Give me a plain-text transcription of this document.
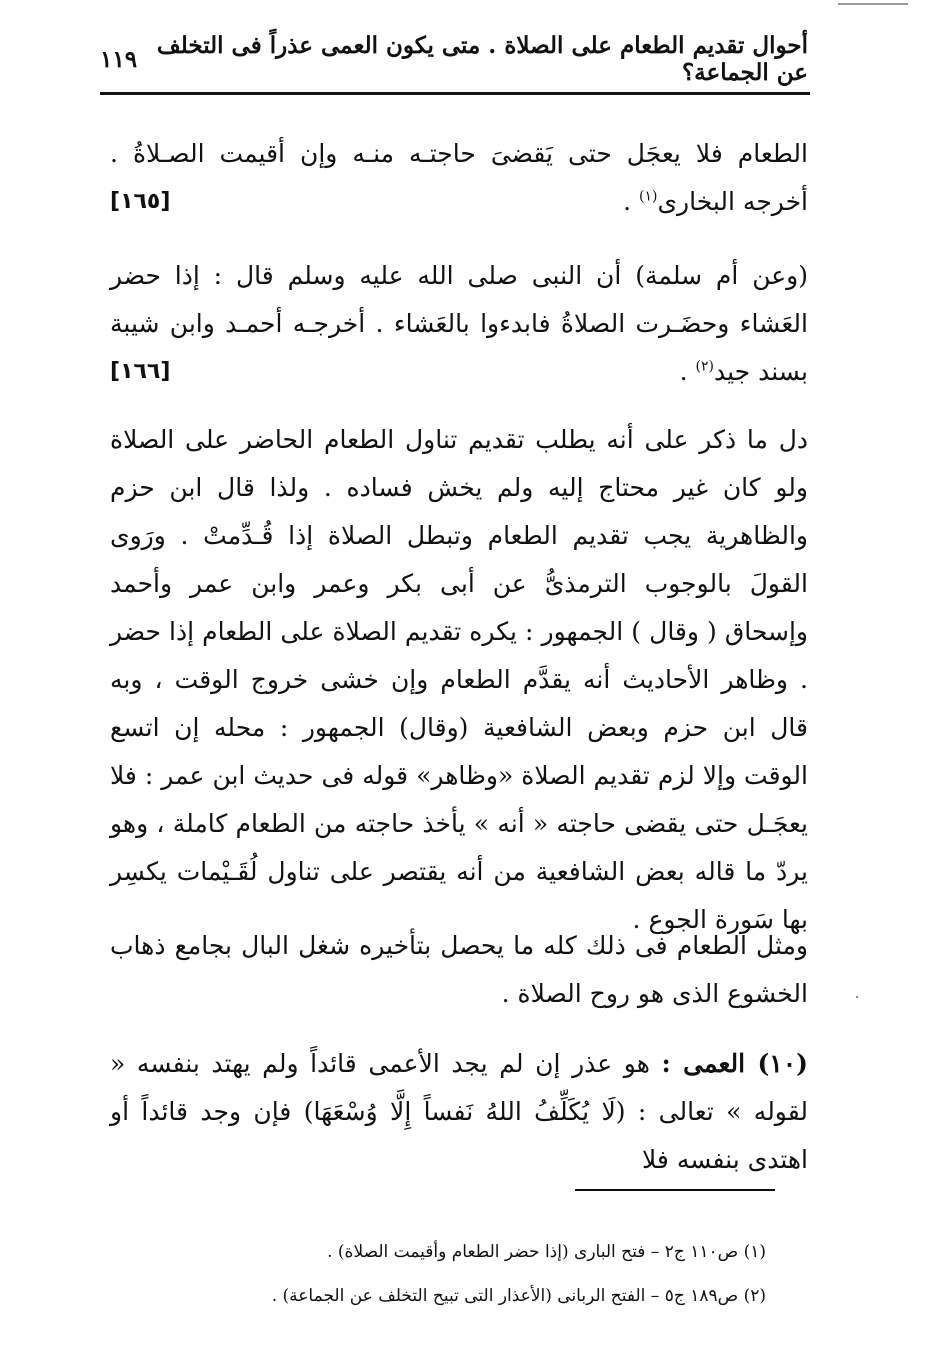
أحوال تقديم الطعام على الصلاة . متى يكون العمى عذراً فى التخلف عن الجماعة؟
١١٩

الطعام فلا يعجَل حتى يَقضىَ حاجتـه منـه وإن أقيمت الصـلاةُ . أخرجه البخارى$^{(١)}$ .
[١٦٥]

(وعن أم سلمة) أن النبى صلى الله عليه وسلم قال : إذا حضر العَشاء وحضَـرت الصلاةُ فابدءوا بالعَشاء . أخرجـه أحمـد وابن شيبة بسند جيد$^{(٢)}$ .
[١٦٦]

دل ما ذكر على أنه يطلب تقديم تناول الطعام الحاضر على الصلاة ولو كان غير محتاج إليه ولم يخش فساده . ولذا قال ابن حزم والظاهرية يجب تقديم الطعام وتبطل الصلاة إذا قُـدِّمتْ . ورَوى القولَ بالوجوب الترمذىُّ عن أبى بكر وعمر وابن عمر وأحمد وإسحاق ( وقال ) الجمهور : يكره تقديم الصلاة على الطعام إذا حضر . وظاهر الأحاديث أنه يقدَّم الطعام وإن خشى خروج الوقت ، وبه قال ابن حزم وبعض الشافعية (وقال) الجمهور : محله إن اتسع الوقت وإلا لزم تقديم الصلاة «وظاهر» قوله فى حديث ابن عمر : فلا يعجَـل حتى يقضى حاجته « أنه » يأخذ حاجته من الطعام كاملة ، وهو يردّ ما قاله بعض الشافعية من أنه يقتصر على تناول لُقَـيْمات يكسِر بها سَورة الجوع .

ومثل الطعام فى ذلك كله ما يحصل بتأخيره شغل البال بجامع ذهاب الخشوع الذى هو روح الصلاة .

(١٠) العمى : هو عذر إن لم يجد الأعمى قائداً ولم يهتد بنفسه « لقوله » تعالى : (لَا يُكَلِّفُ اللهُ نَفساً إِلَّا وُسْعَهَا) فإن وجد قائداً أو اهتدى بنفسه فلا

(١) ص١١٠ ج٢ – فتح البارى (إذا حضر الطعام وأقيمت الصلاة) .
(٢) ص١٨٩ ج٥ – الفتح الربانى (الأعذار التى تبيح التخلف عن الجماعة) .
